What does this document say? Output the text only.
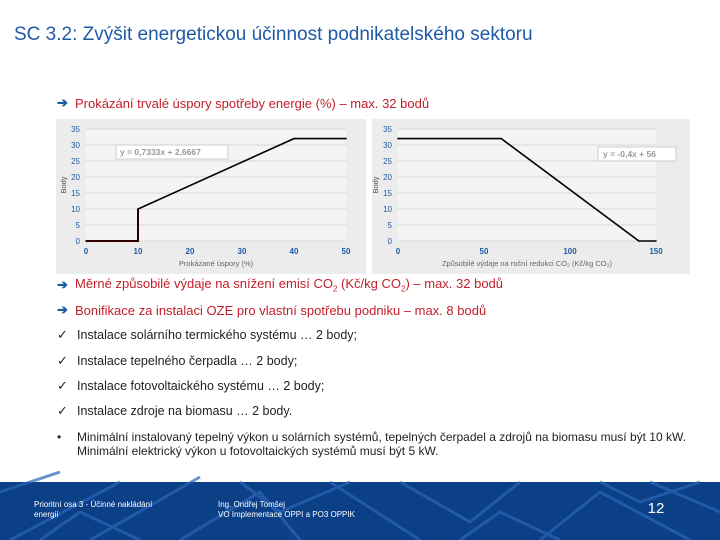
SC 3.2: Zvýšit energetickou účinnost podnikatelského sektoru
➔ Prokázání trvalé úspory spotřeby energie (%) – max. 32 bodů
0
5
10
15
20
25
30
35
0	10	20	30	40	50
Prokázané úspory (%)
Body
y = 0,7333x + 2,6667
0
5
10
15
20
25
30
35
0	50	100	150
Způsobilé výdaje na roční redukci CO₂ (Kč/kg CO₂)
Body
y = -0,4x + 56
➔ Měrné způsobilé výdaje na snížení emisí $CO_2$ (Kč/kg $CO_2$) – max. 32 bodů
➔ Bonifikace za instalaci OZE pro vlastní spotřebu podniku – max. 8 bodů
✓ Instalace solárního termického systému … 2 body;
✓ Instalace tepelného čerpadla … 2 body;
✓ Instalace fotovoltaického systému … 2 body;
✓ Instalace zdroje na biomasu … 2 body.
•	Minimální instalovaný tepelný výkon u solárních systémů, tepelných čerpadel a zdrojů na biomasu musí být 10 kW. Minimální elektrický výkon u fotovoltaických systémů musí být 5 kW.
Prioritní osa 3 - Účinné nakládání
energií
Ing. Ondřej Tomšej
VO Implementace OPPI a PO3 OPPIK	12
